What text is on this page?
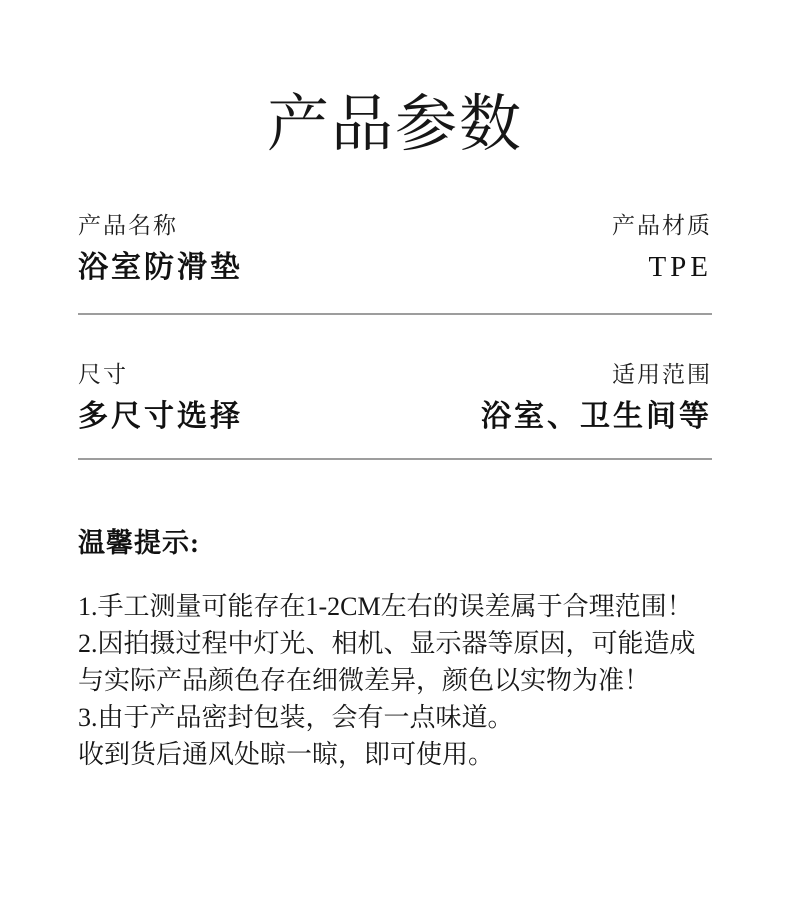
产品参数
产品名称
浴室防滑垫
产品材质
TPE
尺寸
多尺寸选择
适用范围
浴室、卫生间等
温馨提示:
1.手工测量可能存在1-2CM左右的误差属于合理范围！
2.因拍摄过程中灯光、相机、显示器等原因，可能造成
与实际产品颜色存在细微差异，颜色以实物为准！
3.由于产品密封包装，会有一点味道。
收到货后通风处晾一晾，即可使用。
